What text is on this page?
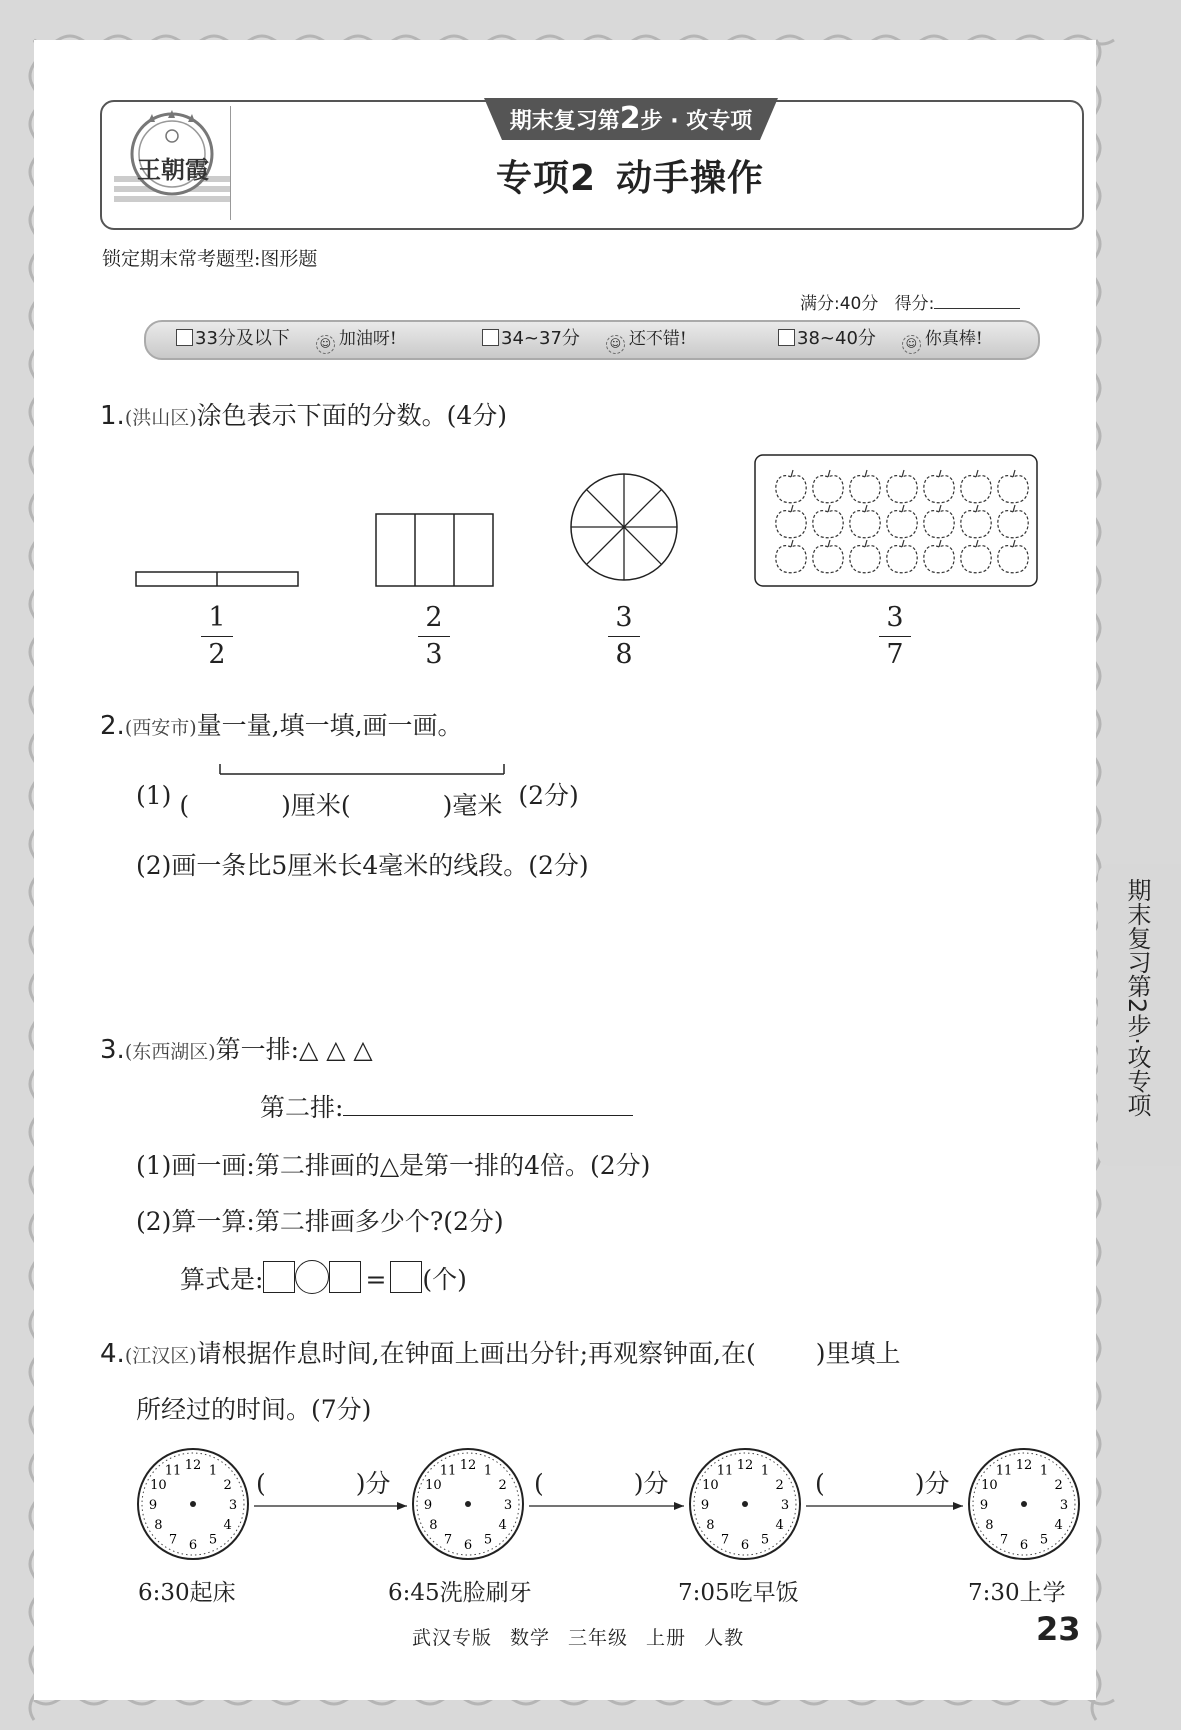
王朝霞
期末复习第2步 · 攻专项
专项2 动手操作
锁定期末常考题型:图形题
满分:40分 得分:
33分及以下	☺ 加油呀!	34~37分	☺ 还不错!	38~40分	☺ 你真棒!
1.(洪山区)涂色表示下面的分数。(4分)
1
2
2
3
3
8
3
7
2.(西安市)量一量,填一填,画一画。
(1) (	)厘米(	)毫米 (2分)
(2)画一条比5厘米长4毫米的线段。(2分)
3.(东西湖区)第一排:△ △ △
第二排:
(1)画一画:第二排画的△是第一排的4倍。(2分)
(2)算一算:第二排画多少个?(2分)
算式是:	= (个)
4.(江汉区)请根据作息时间,在钟面上画出分针;再观察钟面,在( )里填上
所经过的时间。(7分)
12 1
2
3
4
5
6
7
8
9
10
11	12 1
2
3
4
5
6
7
8
9
10
11	12 1
2
3
4
5
6
7
8
9
10
11	12 1
2
3
4
5
6
7
8
9
10
11
(	)分	(	)分	(	)分
6:30起床	6:45洗脸刷牙	7:05吃早饭	7:30上学
期末复习第2步·攻专项
武汉专版 数学 三年级 上册 人教	23
